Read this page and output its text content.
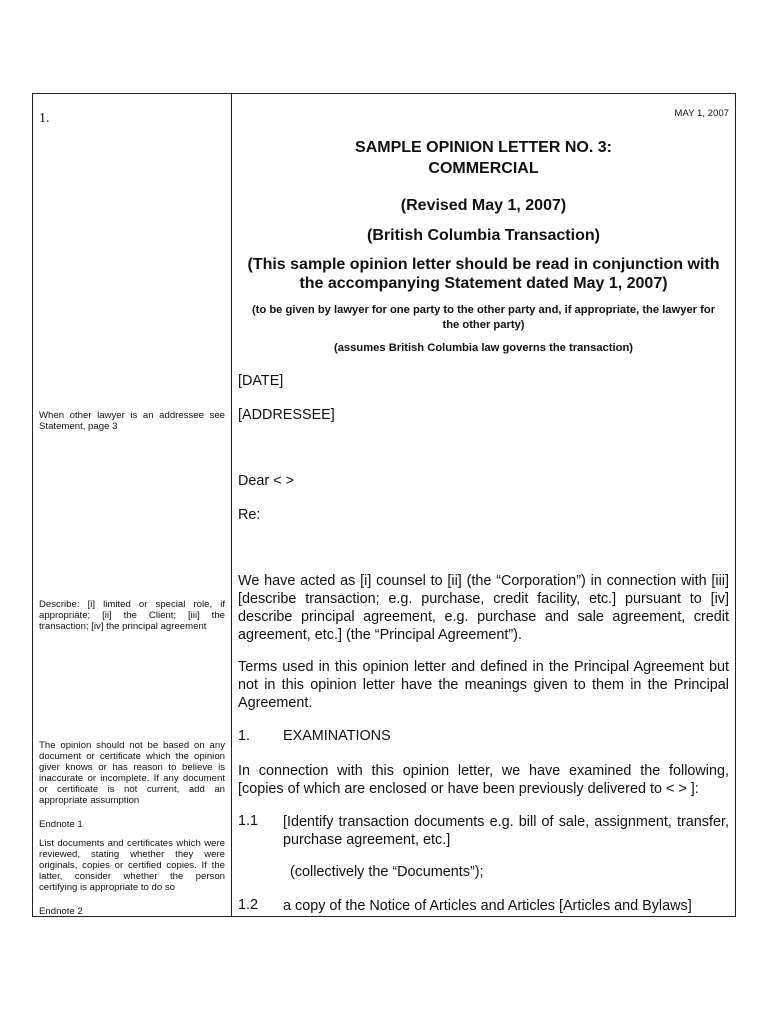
1.
When other lawyer is an addressee see Statement, page 3
Describe: [i] limited or special role, if appropriate; [ii] the Client; [iii] the transaction; [iv] the principal agreement
The opinion should not be based on any document or certificate which the opinion giver knows or has reason to believe is inaccurate or incomplete. If any document or certificate is not current, add an appropriate assumption
Endnote 1
List documents and certificates which were reviewed, stating whether they were originals, copies or certified copies. If the latter, consider whether the person certifying is appropriate to do so
Endnote 2
MAY 1, 2007
SAMPLE OPINION LETTER NO. 3:
COMMERCIAL
(Revised May 1, 2007)
(British Columbia Transaction)
(This sample opinion letter should be read in conjunction with the accompanying Statement dated May 1, 2007)
(to be given by lawyer for one party to the other party and, if appropriate, the lawyer for the other party)
(assumes British Columbia law governs the transaction)
[DATE]
[ADDRESSEE]
Dear < >
Re:
We have acted as [i] counsel to [ii] (the “Corporation”) in connection with [iii] [describe transaction; e.g. purchase, credit facility, etc.] pursuant to [iv] describe principal agreement, e.g. purchase and sale agreement, credit agreement, etc.] (the “Principal Agreement”).
Terms used in this opinion letter and defined in the Principal Agreement but not in this opinion letter have the meanings given to them in the Principal Agreement.
1. EXAMINATIONS
In connection with this opinion letter, we have examined the following, [copies of which are enclosed or have been previously delivered to < > ]:
1.1 [Identify transaction documents e.g. bill of sale, assignment, transfer, purchase agreement, etc.]
(collectively the “Documents”);
1.2 a copy of the Notice of Articles and Articles [Articles and Bylaws]
